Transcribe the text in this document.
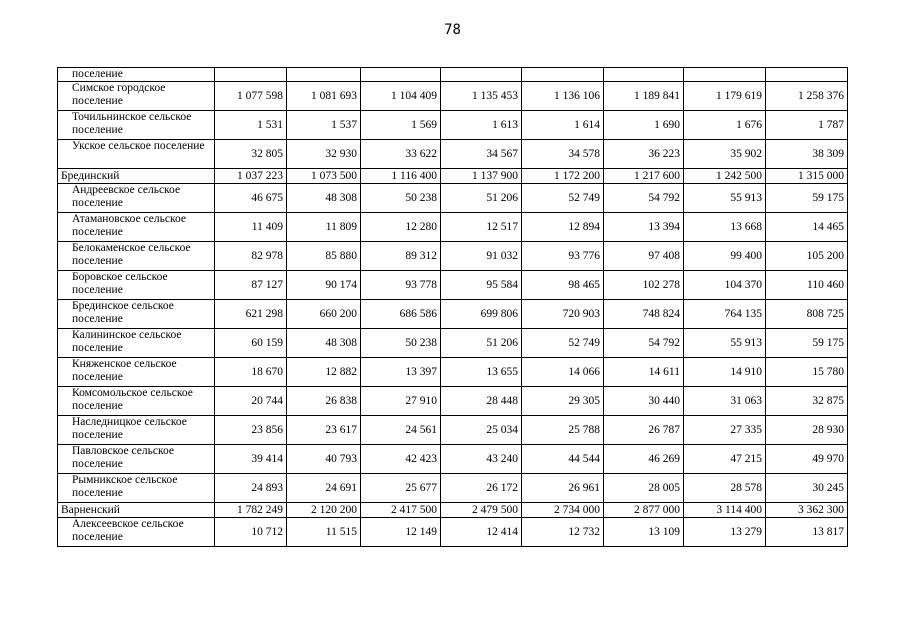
78
поселение								
Симское городское поселение	1 077 598	1 081 693	1 104 409	1 135 453	1 136 106	1 189 841	1 179 619	1 258 376
Точильнинское сельское поселение	1 531	1 537	1 569	1 613	1 614	1 690	1 676	1 787
Укское сельское поселение	32 805	32 930	33 622	34 567	34 578	36 223	35 902	38 309
Брединский	1 037 223	1 073 500	1 116 400	1 137 900	1 172 200	1 217 600	1 242 500	1 315 000
Андреевское сельское поселение	46 675	48 308	50 238	51 206	52 749	54 792	55 913	59 175
Атамановское сельское поселение	11 409	11 809	12 280	12 517	12 894	13 394	13 668	14 465
Белокаменское сельское поселение	82 978	85 880	89 312	91 032	93 776	97 408	99 400	105 200
Боровское сельское поселение	87 127	90 174	93 778	95 584	98 465	102 278	104 370	110 460
Брединское сельское поселение	621 298	660 200	686 586	699 806	720 903	748 824	764 135	808 725
Калининское сельское поселение	60 159	48 308	50 238	51 206	52 749	54 792	55 913	59 175
Княженское сельское поселение	18 670	12 882	13 397	13 655	14 066	14 611	14 910	15 780
Комсомольское сельское поселение	20 744	26 838	27 910	28 448	29 305	30 440	31 063	32 875
Наследницкое сельское поселение	23 856	23 617	24 561	25 034	25 788	26 787	27 335	28 930
Павловское сельское поселение	39 414	40 793	42 423	43 240	44 544	46 269	47 215	49 970
Рымникское сельское поселение	24 893	24 691	25 677	26 172	26 961	28 005	28 578	30 245
Варненский	1 782 249	2 120 200	2 417 500	2 479 500	2 734 000	2 877 000	3 114 400	3 362 300
Алексеевское сельское поселение	10 712	11 515	12 149	12 414	12 732	13 109	13 279	13 817
